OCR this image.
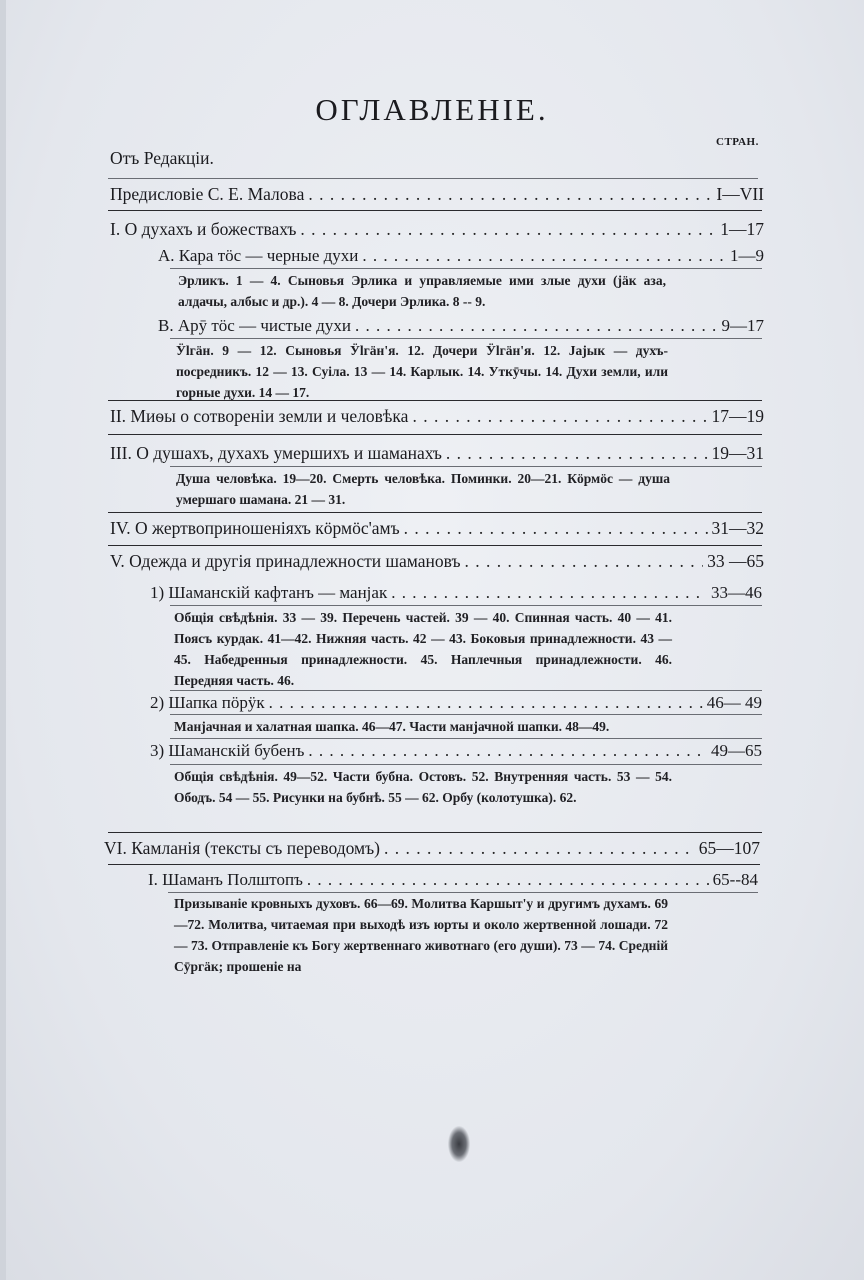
ОГЛАВЛЕНІЕ.
СТРАН.
Отъ Редакціи.
Предисловіе С. Е. Малова . . .	I—VII
I. О духахъ и божествахъ . . .	1—17
А. Кара тöс — черные духи . . .	1—9
Эрликъ. 1 — 4. Сыновья Эрлика и управляемые ими злые духи (jäк аза, алдачы, албыс и др.). 4 — 8. Дочери Эрлика. 8 -- 9.
В. Арӯ тöс — чистые духи . . .	9—17
Ӱlгäн. 9 — 12. Сыновья Ӱlгäн'я. 12. Дочери Ӱlгäн'я. 12. Јајык — духъ-посредникъ. 12 — 13. Суіла. 13 — 14. Карлык. 14. Уткӯчы. 14. Духи земли, или горные духи. 14 — 17.
II. Миѳы о сотвореніи земли и человѣка . . .	17—19
III. О душахъ, духахъ умершихъ и шаманахъ . . .	19—31
Душа человѣка. 19—20. Смерть человѣка. Поминки. 20—21. Кöрмöс — душа умершаго шамана. 21 — 31.
IV. О жертвоприношеніяхъ кöрмöс'амъ . . .	31—32
V. Одежда и другія принадлежности шамановъ . . .	33 —65
1) Шаманскій кафтанъ — манјак . . .	33—46
Общія свѣдѣнія. 33 — 39. Перечень частей. 39 — 40. Спинная часть. 40 — 41. Поясъ курдак. 41—42. Нижняя часть. 42 — 43. Боковыя принадлежности. 43 — 45. Набедренныя принадлежности. 45. Наплечныя принадлежности. 46. Передняя часть. 46.
2) Шапка пöрӱк . . .	46— 49
Манјачная и халатная шапка. 46—47. Части манјачной шапки. 48—49.
3) Шаманскій бубенъ . . .	49—65
Общія свѣдѣнія. 49—52. Части бубна. Остовъ. 52. Внутренняя часть. 53 — 54. Ободъ. 54 — 55. Рисунки на бубнѣ. 55 — 62. Орбу (колотушка). 62.
VI. Камланія (тексты съ переводомъ) . . .	65—107
I. Шаманъ Полштопъ . . .	65--84
Призываніе кровныхъ духовъ. 66—69. Молитва Каршыт'у и другимъ духамъ. 69—72. Молитва, читаемая при выходѣ изъ юрты и около жертвенной лошади. 72 — 73. Отправленіе къ Богу жертвеннаго животнаго (его души). 73 — 74. Средній Сӯргäк; прошеніе на
